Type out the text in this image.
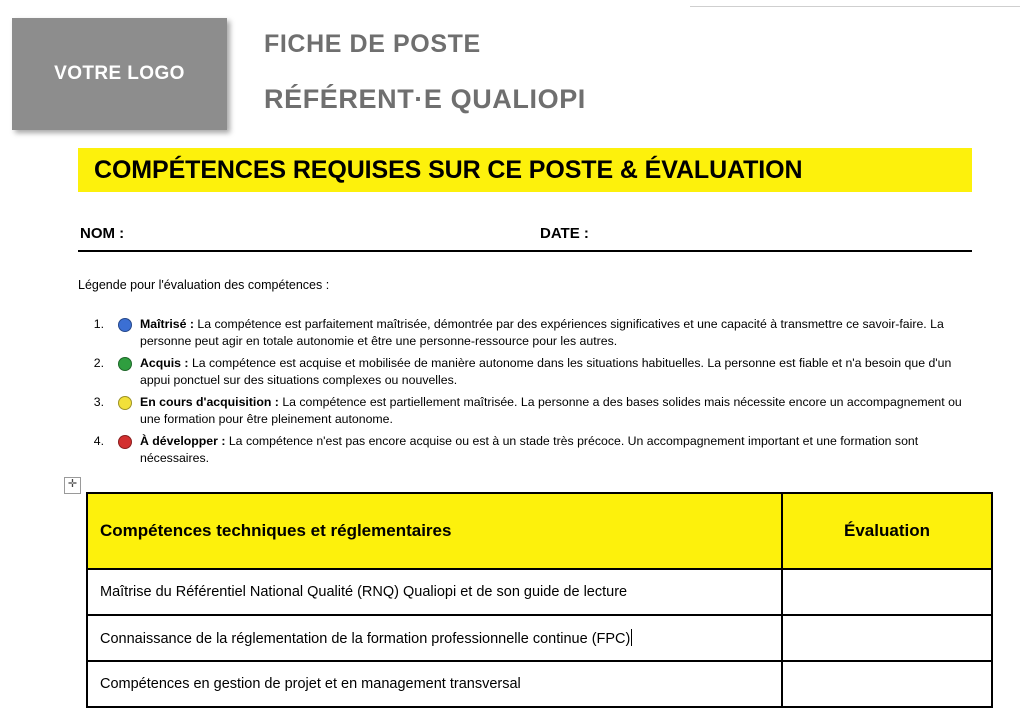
VOTRE LOGO
FICHE DE POSTE
RÉFÉRENT·E QUALIOPI
COMPÉTENCES REQUISES SUR CE POSTE & ÉVALUATION
NOM :	DATE :
Légende pour l'évaluation des compétences :
1.	Maîtrisé : La compétence est parfaitement maîtrisée, démontrée par des expériences significatives et une capacité à transmettre ce savoir-faire. La personne peut agir en totale autonomie et être une personne-ressource pour les autres.
2.	Acquis : La compétence est acquise et mobilisée de manière autonome dans les situations habituelles. La personne est fiable et n'a besoin que d'un appui ponctuel sur des situations complexes ou nouvelles.
3.	En cours d'acquisition : La compétence est partiellement maîtrisée. La personne a des bases solides mais nécessite encore un accompagnement ou une formation pour être pleinement autonome.
4.	À développer : La compétence n'est pas encore acquise ou est à un stade très précoce. Un accompagnement important et une formation sont nécessaires.
✛
Compétences techniques et réglementaires	Évaluation
Maîtrise du Référentiel National Qualité (RNQ) Qualiopi et de son guide de lecture	
Connaissance de la réglementation de la formation professionnelle continue (FPC)	
Compétences en gestion de projet et en management transversal	
